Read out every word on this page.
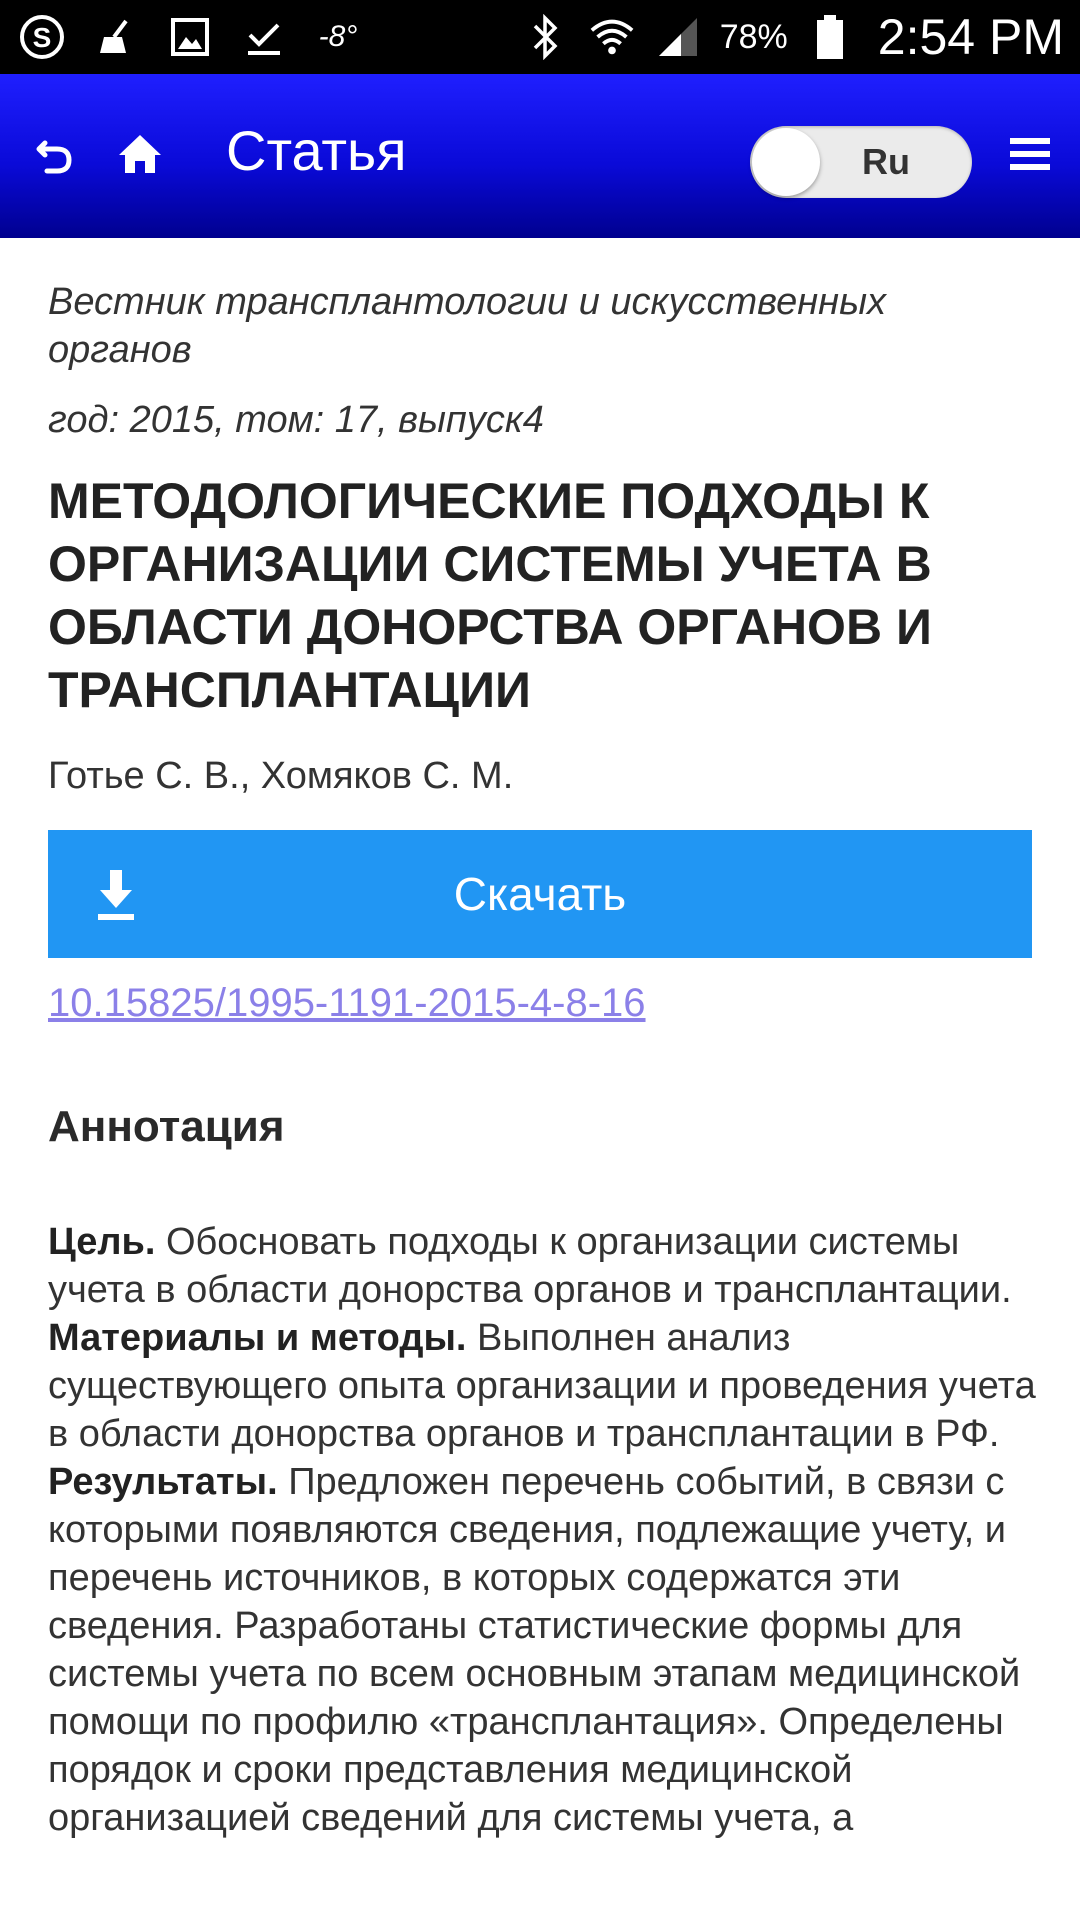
S	-8°	78% 2:54 PM
Статья	Ru
Вестник трансплантологии и искусственных органов
год: 2015, том: 17, выпуск4
МЕТОДОЛОГИЧЕСКИЕ ПОДХОДЫ К ОРГАНИЗАЦИИ СИСТЕМЫ УЧЕТА В ОБЛАСТИ ДОНОРСТВА ОРГАНОВ И ТРАНСПЛАНТАЦИИ
Готье С. В., Хомяков С. М.
Скачать
10.15825/1995-1191-2015-4-8-16
Аннотация
Цель. Обосновать подходы к организации системы учета в области донорства органов и трансплантации. Материалы и методы. Выполнен анализ существующего опыта организации и проведения учета в области донорства органов и трансплантации в РФ. Результаты. Предложен перечень событий, в связи с которыми появляются сведения, подлежащие учету, и перечень источников, в которых содержатся эти сведения. Разработаны статистические формы для системы учета по всем основным этапам медицинской помощи по профилю «трансплантация». Определены порядок и сроки представления медицинской организацией сведений для системы учета, а
